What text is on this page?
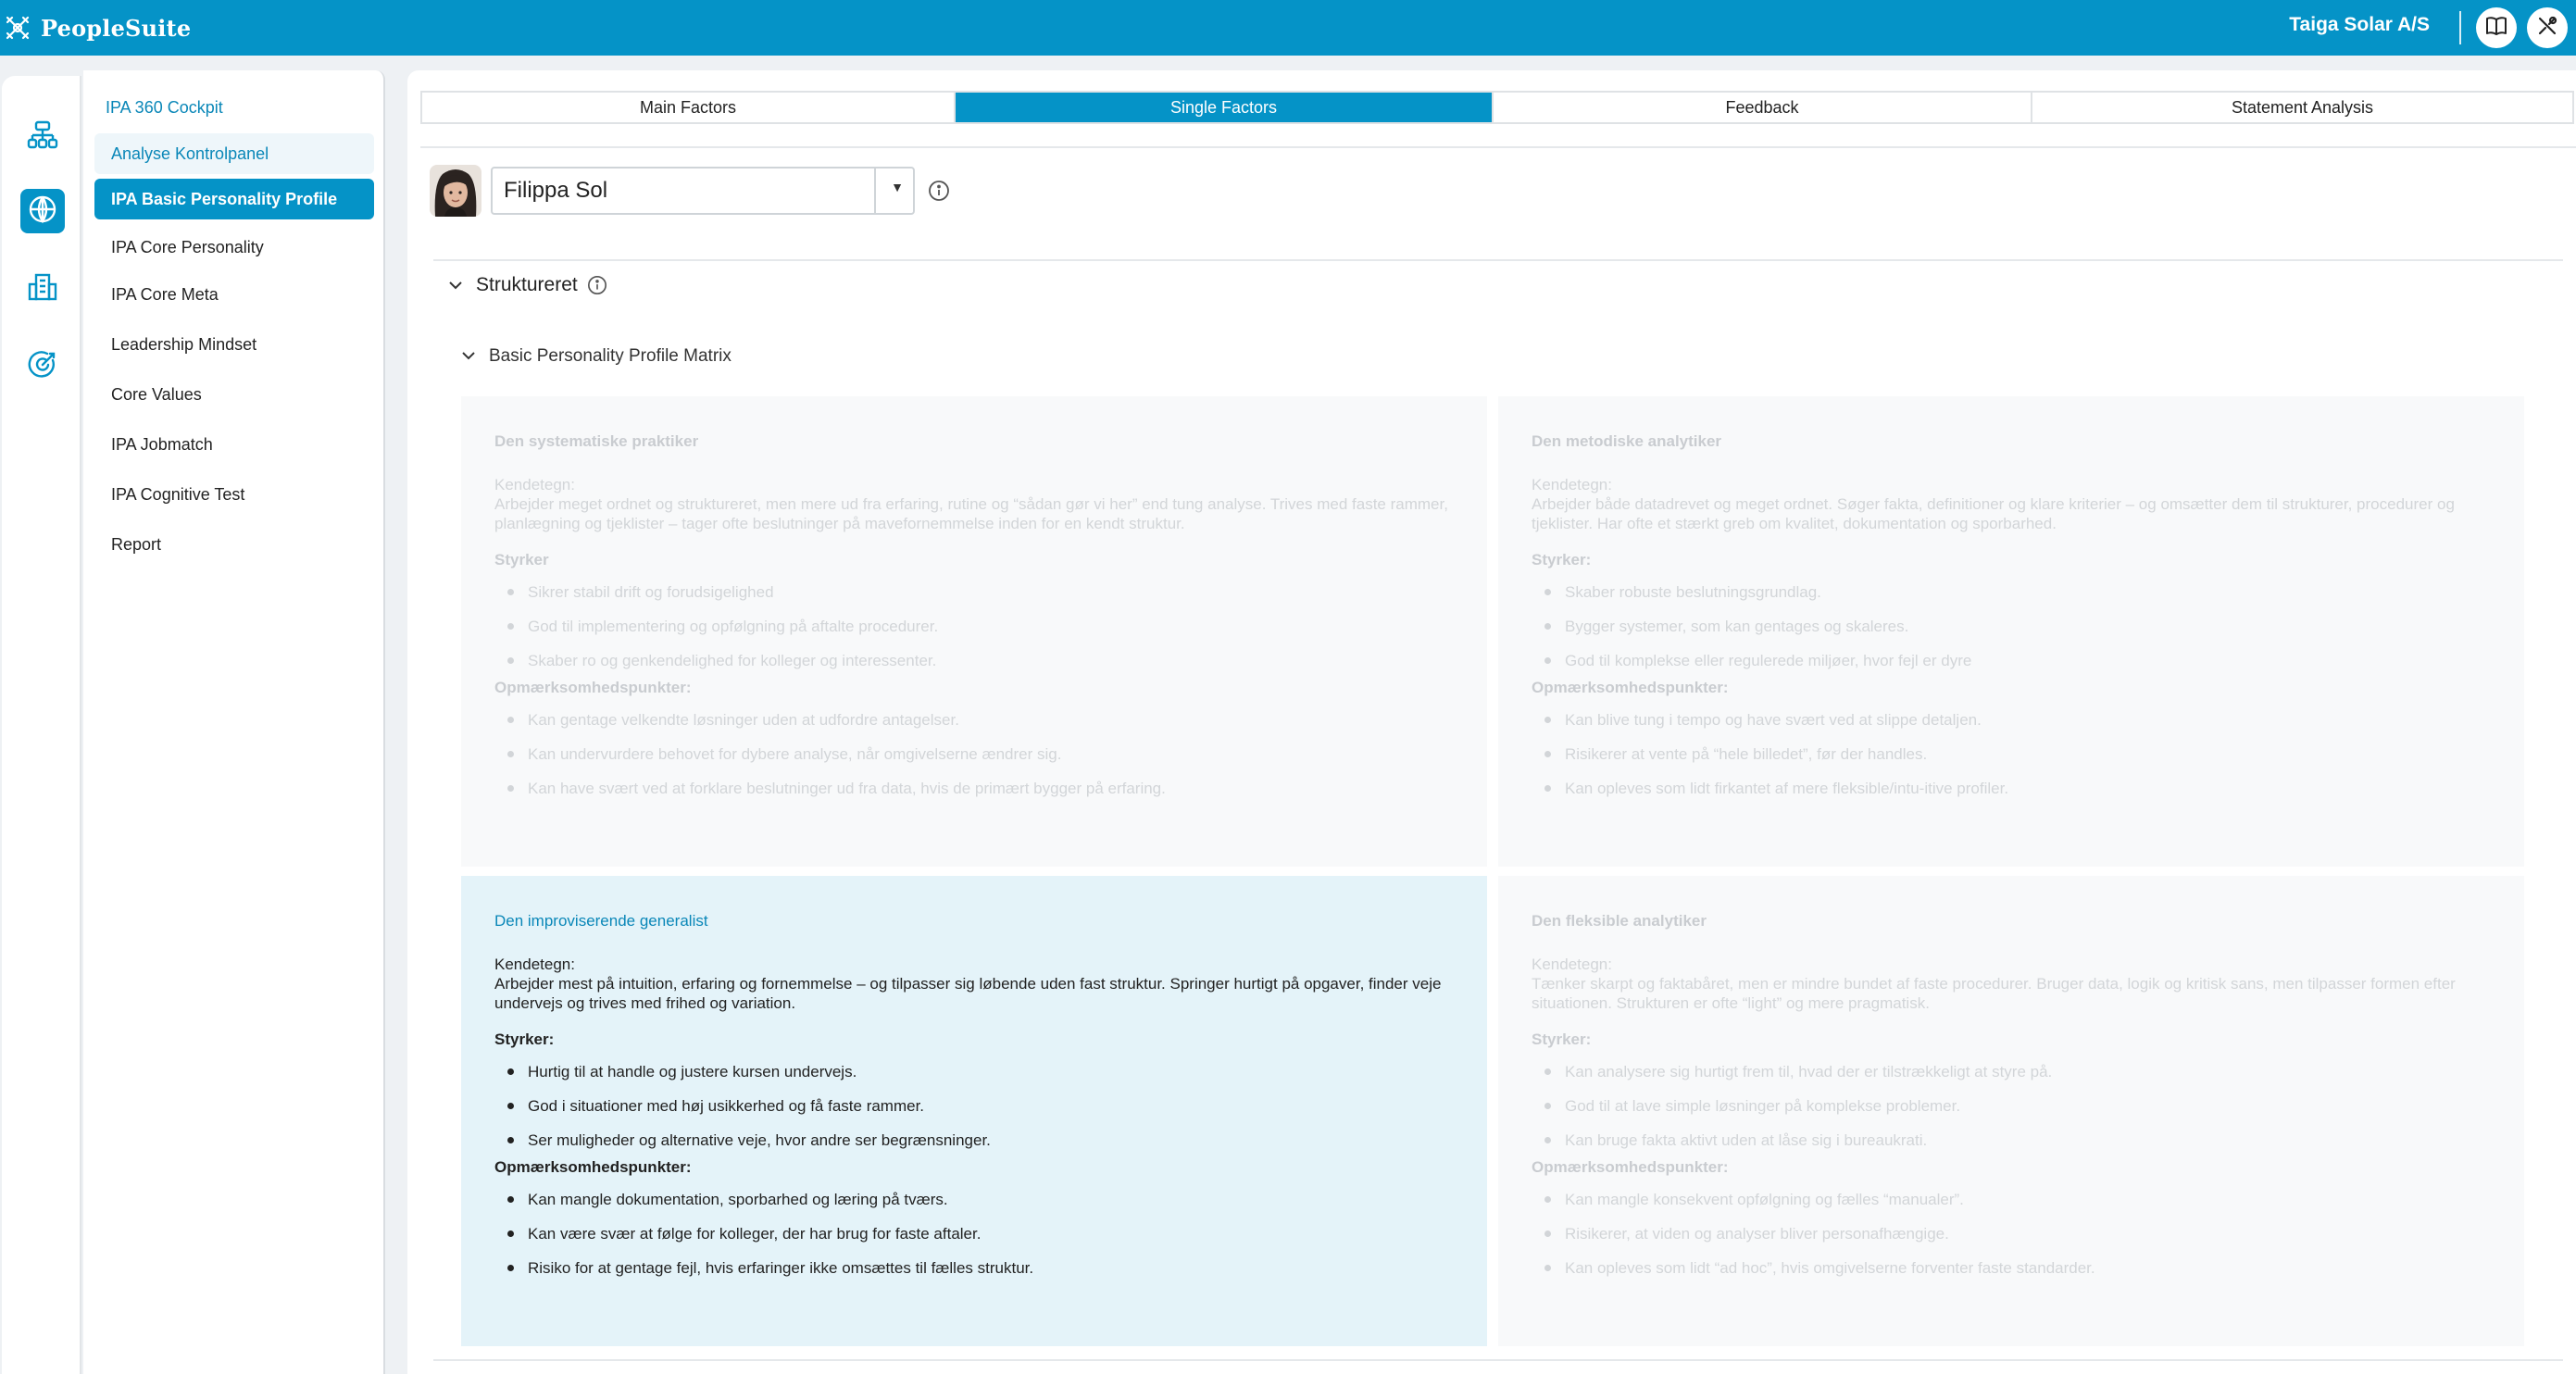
PeopleSuite	Taiga Solar A/S
IPA 360 Cockpit
Analyse Kontrolpanel
IPA Basic Personality Profile
IPA Core Personality
IPA Core Meta
Leadership Mindset
Core Values
IPA Jobmatch
IPA Cognitive Test
Report
Main Factors	Single Factors	Feedback	Statement Analysis
Filippa Sol	▼
Struktureret
Basic Personality Profile Matrix
Den systematiske praktiker
Kendetegn:
Arbejder meget ordnet og struktureret, men mere ud fra erfaring, rutine og “sådan gør vi her” end tung analyse. Trives med faste rammer, planlægning og tjeklister – tager ofte beslutninger på mavefornemmelse inden for en kendt struktur.
Styrker
Sikrer stabil drift og forudsigelighed
God til implementering og opfølgning på aftalte procedurer.
Skaber ro og genkendelighed for kolleger og interessenter.
Opmærksomhedspunkter:
Kan gentage velkendte løsninger uden at udfordre antagelser.
Kan undervurdere behovet for dybere analyse, når omgivelserne ændrer sig.
Kan have svært ved at forklare beslutninger ud fra data, hvis de primært bygger på erfaring.
Den metodiske analytiker
Kendetegn:
Arbejder både datadrevet og meget ordnet. Søger fakta, definitioner og klare kriterier – og omsætter dem til strukturer, procedurer og tjeklister. Har ofte et stærkt greb om kvalitet, dokumentation og sporbarhed.
Styrker:
Skaber robuste beslutningsgrundlag.
Bygger systemer, som kan gentages og skaleres.
God til komplekse eller regulerede miljøer, hvor fejl er dyre
Opmærksomhedspunkter:
Kan blive tung i tempo og have svært ved at slippe detaljen.
Risikerer at vente på “hele billedet”, før der handles.
Kan opleves som lidt firkantet af mere fleksible/intu-itive profiler.
Den improviserende generalist
Kendetegn:
Arbejder mest på intuition, erfaring og fornemmelse – og tilpasser sig løbende uden fast struktur. Springer hurtigt på opgaver, finder veje undervejs og trives med frihed og variation.
Styrker:
Hurtig til at handle og justere kursen undervejs.
God i situationer med høj usikkerhed og få faste rammer.
Ser muligheder og alternative veje, hvor andre ser begrænsninger.
Opmærksomhedspunkter:
Kan mangle dokumentation, sporbarhed og læring på tværs.
Kan være svær at følge for kolleger, der har brug for faste aftaler.
Risiko for at gentage fejl, hvis erfaringer ikke omsættes til fælles struktur.
Den fleksible analytiker
Kendetegn:
Tænker skarpt og faktabåret, men er mindre bundet af faste procedurer. Bruger data, logik og kritisk sans, men tilpasser formen efter situationen. Strukturen er ofte “light” og mere pragmatisk.
Styrker:
Kan analysere sig hurtigt frem til, hvad der er tilstrækkeligt at styre på.
God til at lave simple løsninger på komplekse problemer.
Kan bruge fakta aktivt uden at låse sig i bureaukrati.
Opmærksomhedspunkter:
Kan mangle konsekvent opfølgning og fælles “manualer”.
Risikerer, at viden og analyser bliver personafhængige.
Kan opleves som lidt “ad hoc”, hvis omgivelserne forventer faste standarder.
